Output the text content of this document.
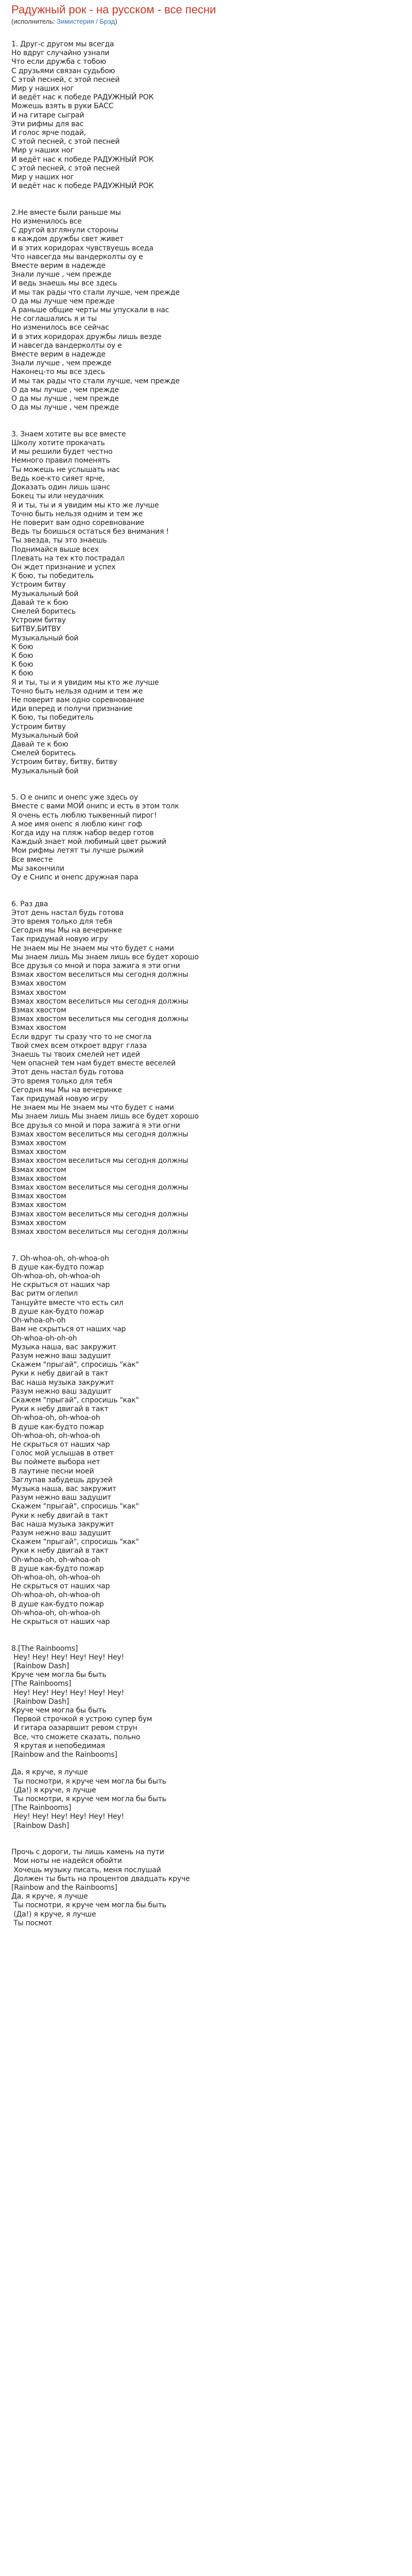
Радужный рок - на русском - все песни
(исполнитель: Зимистерия / Брэд)
1. Друг-с другом мы всегда
Но вдруг случайно узнали
Что если дружба с тобою
С друзьями связан судьбою
С этой песней, с этой песней
Мир у наших ног
И ведёт нас к победе РАДУЖНЫЙ РОК
Можешь взять в руки БАСС
И на гитаре сыграй
Эти рифмы для вас
И голос ярче подай,
С этой песней, с этой песней
Мир у наших ног
И ведёт нас к победе РАДУЖНЫЙ РОК
С этой песней, с этой песней
Мир у наших ног
И ведёт нас к победе РАДУЖНЫЙ РОК
2.Не вместе были раньше мы
Но изменилось все
С другой взглянули стороны
в каждом дружбы свет живет
И в этих коридорах чувствуешь вседа
Что навсегда мы вандерколты оу е
Вместе верим в надежде
Знали лучше , чем прежде
И ведь знаешь мы все здесь
И мы так рады что стали лучше, чем прежде
О да мы лучше чем прежде
А раньше общие черты мы упускали в нас
Не соглашались я и ты
Но изменилось все сейчас
И в этих коридорах дружбы лишь везде
И навсегда вандерколты оу е
Вместе верим в надежде
Знали лучше , чем прежде
Наконец-то мы все здесь
И мы так рады что стали лучше, чем прежде
О да мы лучше , чем прежде
О да мы лучше , чем прежде
О да мы лучше , чем прежде
3. Знаем хотите вы все вместе
Школу хотите прокачать
И мы решили будет честно
Немного правил поменять
Ты можешь не услышать нас
Ведь кое-кто сияет ярче,
Доказать один лишь шанс
Бокец ты или неудачник
Я и ты, ты и я увидим мы кто же лучше
Точно быть нельзя одним и тем же
Не поверит вам одно соревнование
Ведь ты боишься остаться без внимания !
Ты звезда, ты это знаешь
Поднимайся выше всех
Плевать на тех кто пострадал
Он ждет признание и успех
К бою, ты победитель
Устроим битву
Музыкальный бой
Давай те к бою
Смелей боритесь
Устроим битву
БИТВУ,БИТВУ
Музыкальный бой
К бою
К бою
К бою
К бою
Я и ты, ты и я увидим мы кто же лучше
Точно быть нельзя одним и тем же
Не поверит вам одно соревнование
Иди вперед и получи признание
К бою, ты победитель
Устроим битву
Музыкальный бой
Давай те к бою
Смелей боритесь
Устроим битву, битву, битву
Музыкальный бой
5. О е онипс и онепс уже здесь оу
Вместе с вами МОЙ онипс и есть в этом толк
Я очень есть люблю тыквенный пирог!
А мое имя онепс я люблю кинг гоф
Когда иду на пляж набор ведер готов
Каждый знает мой любимый цвет рыжий
Мои рифмы летят ты лучше рыжий
Все вместе
Мы закончили
Оу е Снипс и онепс дружная пара
6. Раз два
Этот день настал будь готова
Это время только для тебя
Сегодня мы Мы на вечеринке
Так придумай новую игру
Не знаем мы Не знаем мы что будет с нами
Мы знаем лишь Мы знаем лишь все будет хорошо
Все друзья со мной и пора зажига я эти огни
Взмах хвостом веселиться мы сегодня должны
Взмах хвостом
Взмах хвостом
Взмах хвостом веселиться мы сегодня должны
Взмах хвостом
Взмах хвостом веселиться мы сегодня должны
Взмах хвостом
Если вдруг ты сразу что то не смогла
Твой смех всем откроет вдруг глаза
Знаешь ты твоих смелей нет идей
Чем опасней тем нам будет вместе веселей
Этот день настал будь готова
Это время только для тебя
Сегодня мы Мы на вечеринке
Так придумай новую игру
Не знаем мы Не знаем мы что будет с нами
Мы знаем лишь Мы знаем лишь все будет хорошо
Все друзья со мной и пора зажига я эти огни
Взмах хвостом веселиться мы сегодня должны
Взмах хвостом
Взмах хвостом
Взмах хвостом веселиться мы сегодня должны
Взмах хвостом
Взмах хвостом
Взмах хвостом веселиться мы сегодня должны
Взмах хвостом
Взмах хвостом
Взмах хвостом веселиться мы сегодня должны
Взмах хвостом
Взмах хвостом веселиться мы сегодня должны
7. Oh-whoa-oh, oh-whoa-oh
В душе как-будто пожар
Oh-whoa-oh, oh-whoa-oh
Не скрыться от наших чар
Вас ритм оглепил
Танцуйте вместе что есть сил
В душе как-будто пожар
Oh-whoa-oh-oh
Вам не скрыться от наших чар
Oh-whoa-oh-oh-oh
Музыка наша, вас закружит
Разум нежно ваш задушит
Скажем "прыгай", спросишь "как"
Руки к небу двигай в такт
Вас наша музыка закружит
Разум нежно ваш задушит
Скажем "прыгай", спросишь "как"
Руки к небу двигай в такт
Oh-whoa-oh, oh-whoa-oh
В душе как-будто пожар
Oh-whoa-oh, oh-whoa-oh
Не скрыться от наших чар
Голос мой услышав в ответ
Вы поймете выбора нет
В лаутине песни моей
Заглупав забудешь друзей
Музыка наша, вас закружит
Разум нежно ваш задушит
Скажем "прыгай", спросишь "как"
Руки к небу двигай в такт
Вас наша музыка закружит
Разум нежно ваш задушит
Скажем "прыгай", спросишь "как"
Руки к небу двигай в такт
Oh-whoa-oh, oh-whoa-oh
В душе как-будто пожар
Oh-whoa-oh, oh-whoa-oh
Не скрыться от наших чар
Oh-whoa-oh, oh-whoa-oh
В душе как-будто пожар
Oh-whoa-oh, oh-whoa-oh
Не скрыться от наших чар
8.[The Rainbooms]
Hey! Hey! Hey! Hey! Hey! Hey!
[Rainbow Dash]
Круче чем могла бы быть
[The Rainbooms]
Hey! Hey! Hey! Hey! Hey! Hey!
[Rainbow Dash]
Круче чем могла бы быть
Первой строчкой я устрою супер бум
И гитара оазарвшит ревом струн
Все, что сможете сказать, польно
Я крутая и непобедимая
[Rainbow and the Rainbooms]
Да, я круче, я лучше
Ты посмотри, я круче чем могла бы быть
(Да!) я круче, я лучше
Ты посмотри, я круче чем могла бы быть
[The Rainbooms]
Hey! Hey! Hey! Hey! Hey! Hey!
[Rainbow Dash]
Прочь с дороги, ты лишь камень на пути
Мои ноты не надейся обойти
Хочешь музыку писать, меня послушай
Должен ты быть на процентов двадцать круче
[Rainbow and the Rainbooms]
Да, я круче, я лучше
Ты посмотри, я круче чем могла бы быть
(Да!) я круче, я лучше
Ты посмот
